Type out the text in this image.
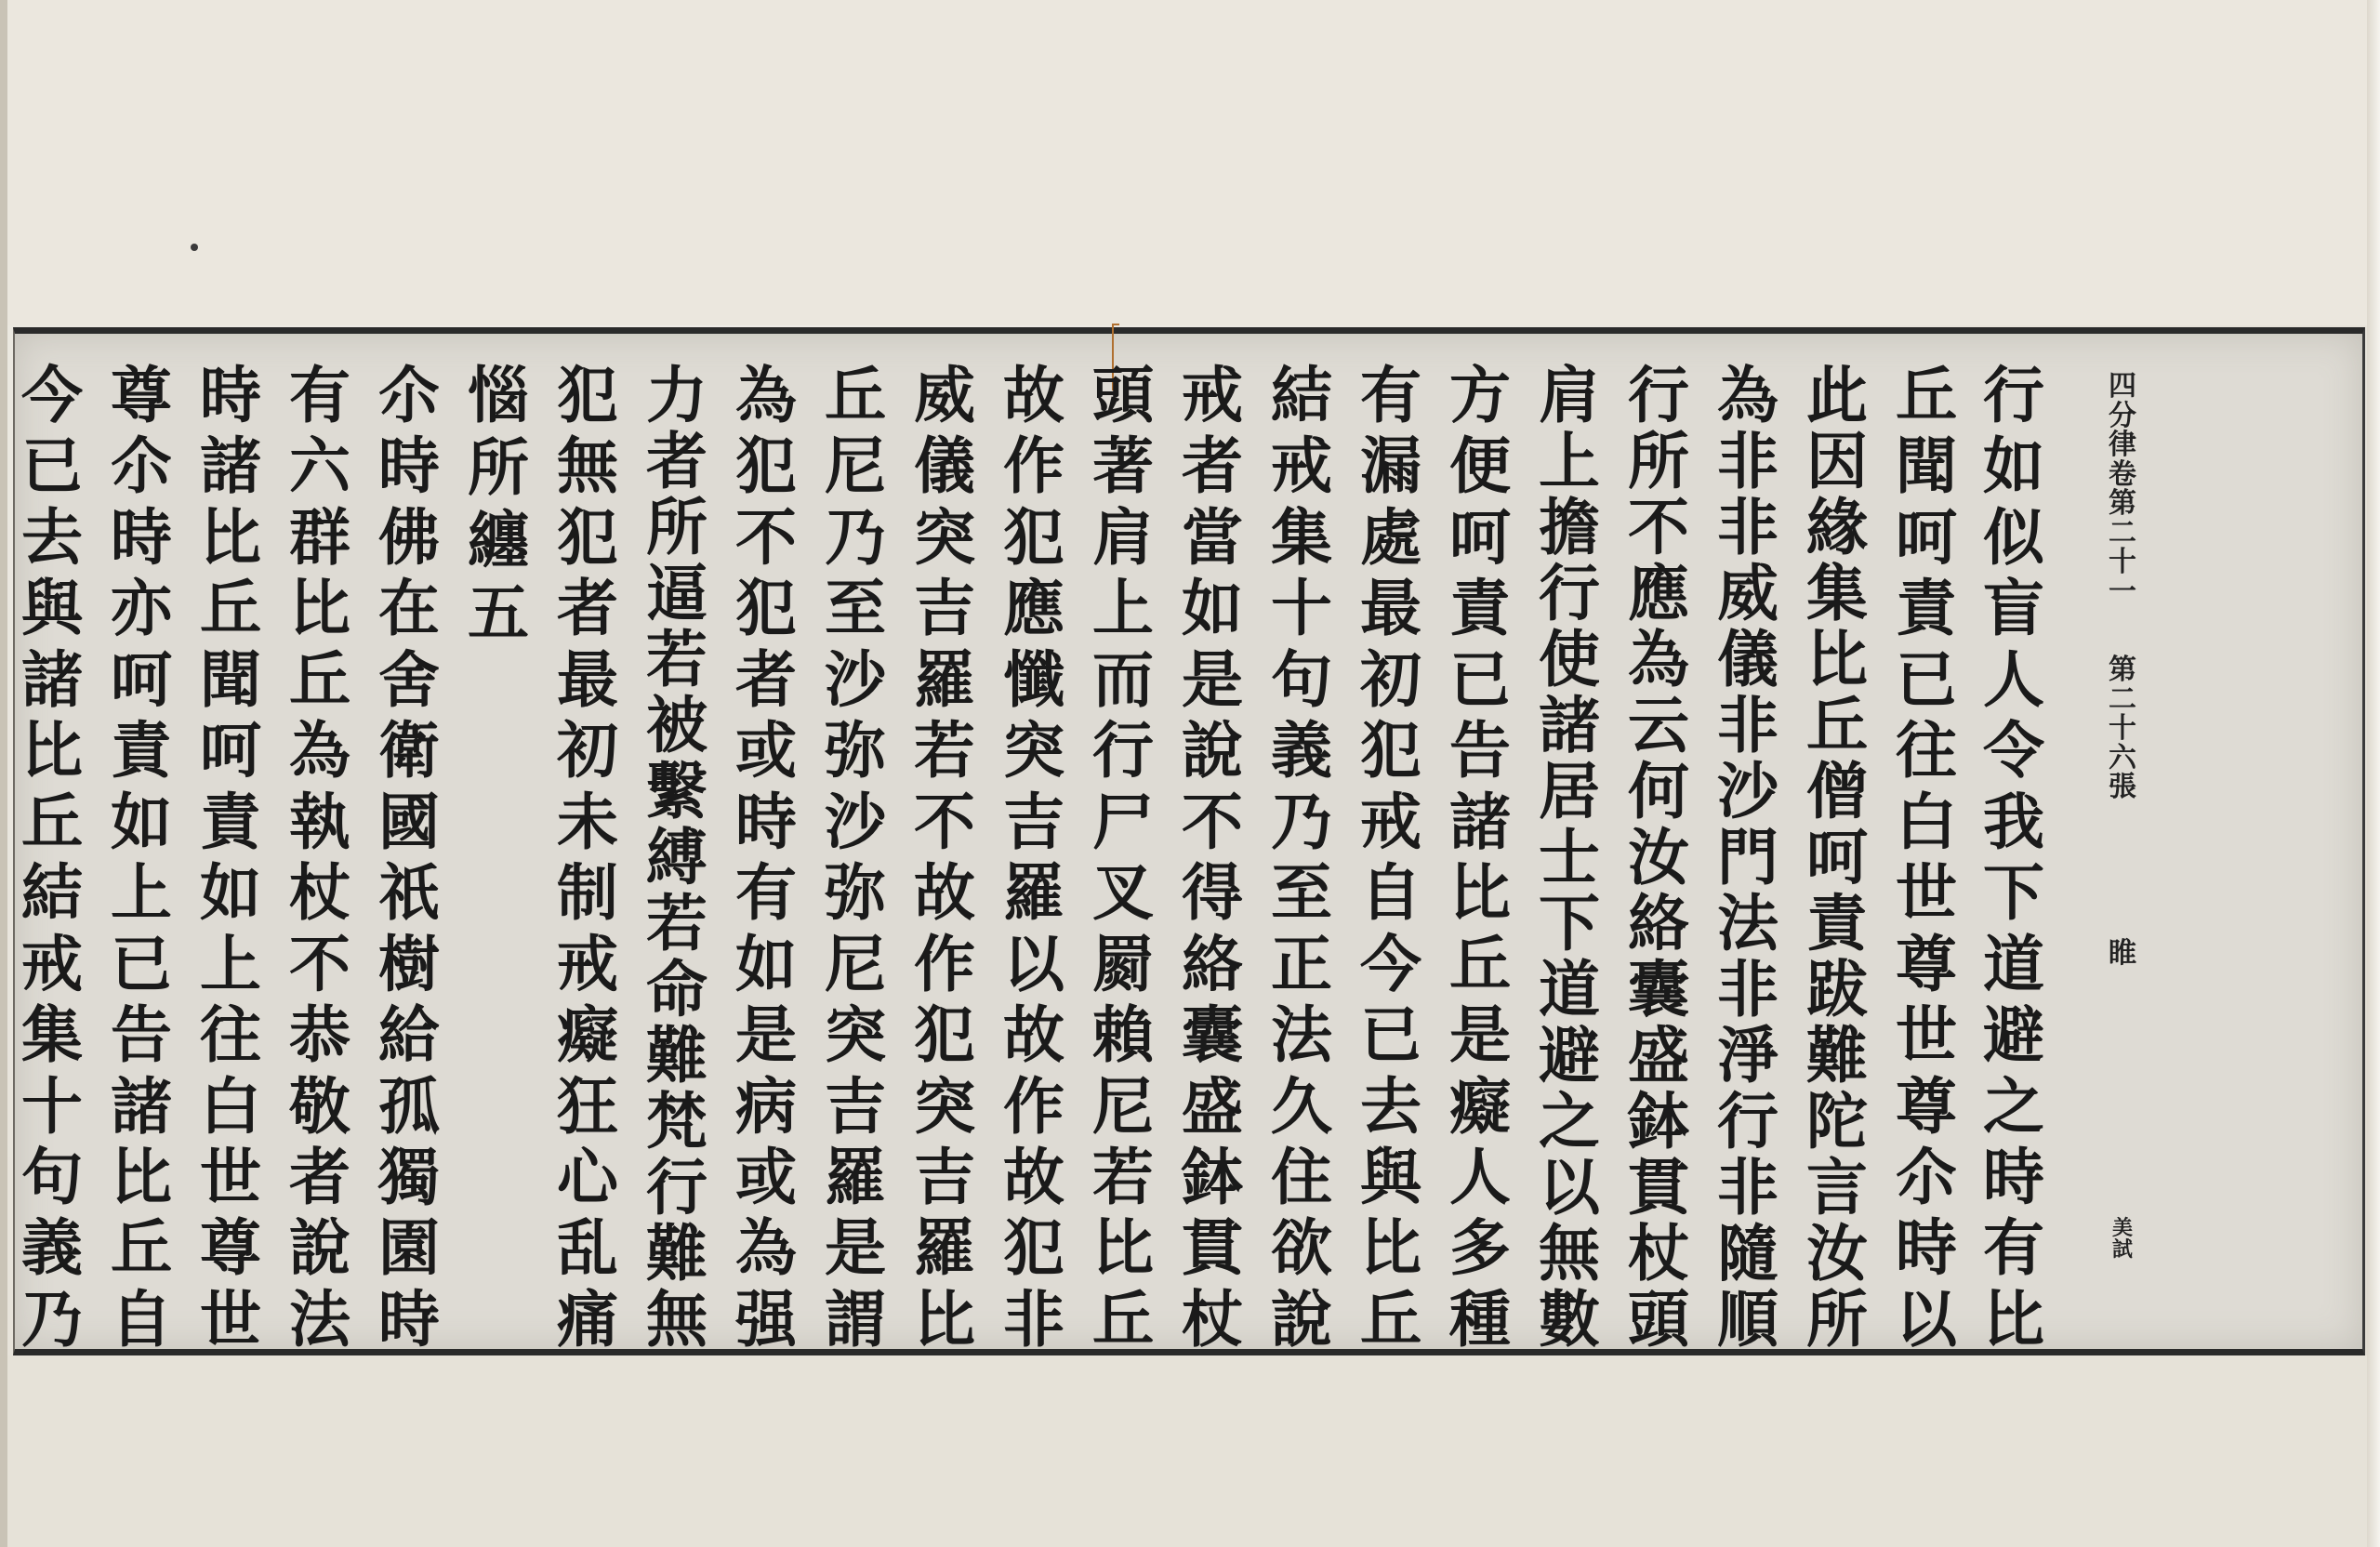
四
分
律
卷
第
二
十
一
第
二
十
六
張
睢
美
試
行
如
似
盲
人
令
我
下
道
避
之
時
有
比
丘
聞
呵
責
已
往
白
世
尊
世
尊
尒
時
以
此
因
緣
集
比
丘
僧
呵
責
跋
難
陀
言
汝
所
為
非
非
威
儀
非
沙
門
法
非
淨
行
非
隨
順
行
所
不
應
為
云
何
汝
絡
囊
盛
鉢
貫
杖
頭
肩
上
擔
行
使
諸
居
士
下
道
避
之
以
無
數
方
便
呵
責
已
告
諸
比
丘
是
癡
人
多
種
有
漏
處
最
初
犯
戒
自
今
已
去
與
比
丘
結
戒
集
十
句
義
乃
至
正
法
久
住
欲
說
戒
者
當
如
是
說
不
得
絡
囊
盛
鉢
貫
杖
頭
著
肩
上
而
行
尸
叉
罽
賴
尼
若
比
丘
故
作
犯
應
懺
突
吉
羅
以
故
作
故
犯
非
威
儀
突
吉
羅
若
不
故
作
犯
突
吉
羅
比
丘
尼
乃
至
沙
弥
沙
弥
尼
突
吉
羅
是
謂
為
犯
不
犯
者
或
時
有
如
是
病
或
為
强
力
者
所
逼
若
被
繫
縛
若
命
難
梵
行
難
無
犯
無
犯
者
最
初
未
制
戒
癡
狂
心
乱
痛
惱
所
纏
五
尒
時
佛
在
舍
衛
國
祇
樹
給
孤
獨
園
時
有
六
群
比
丘
為
執
杖
不
恭
敬
者
說
法
時
諸
比
丘
聞
呵
責
如
上
往
白
世
尊
世
尊
尒
時
亦
呵
責
如
上
已
告
諸
比
丘
自
今
已
去
與
諸
比
丘
結
戒
集
十
句
義
乃
